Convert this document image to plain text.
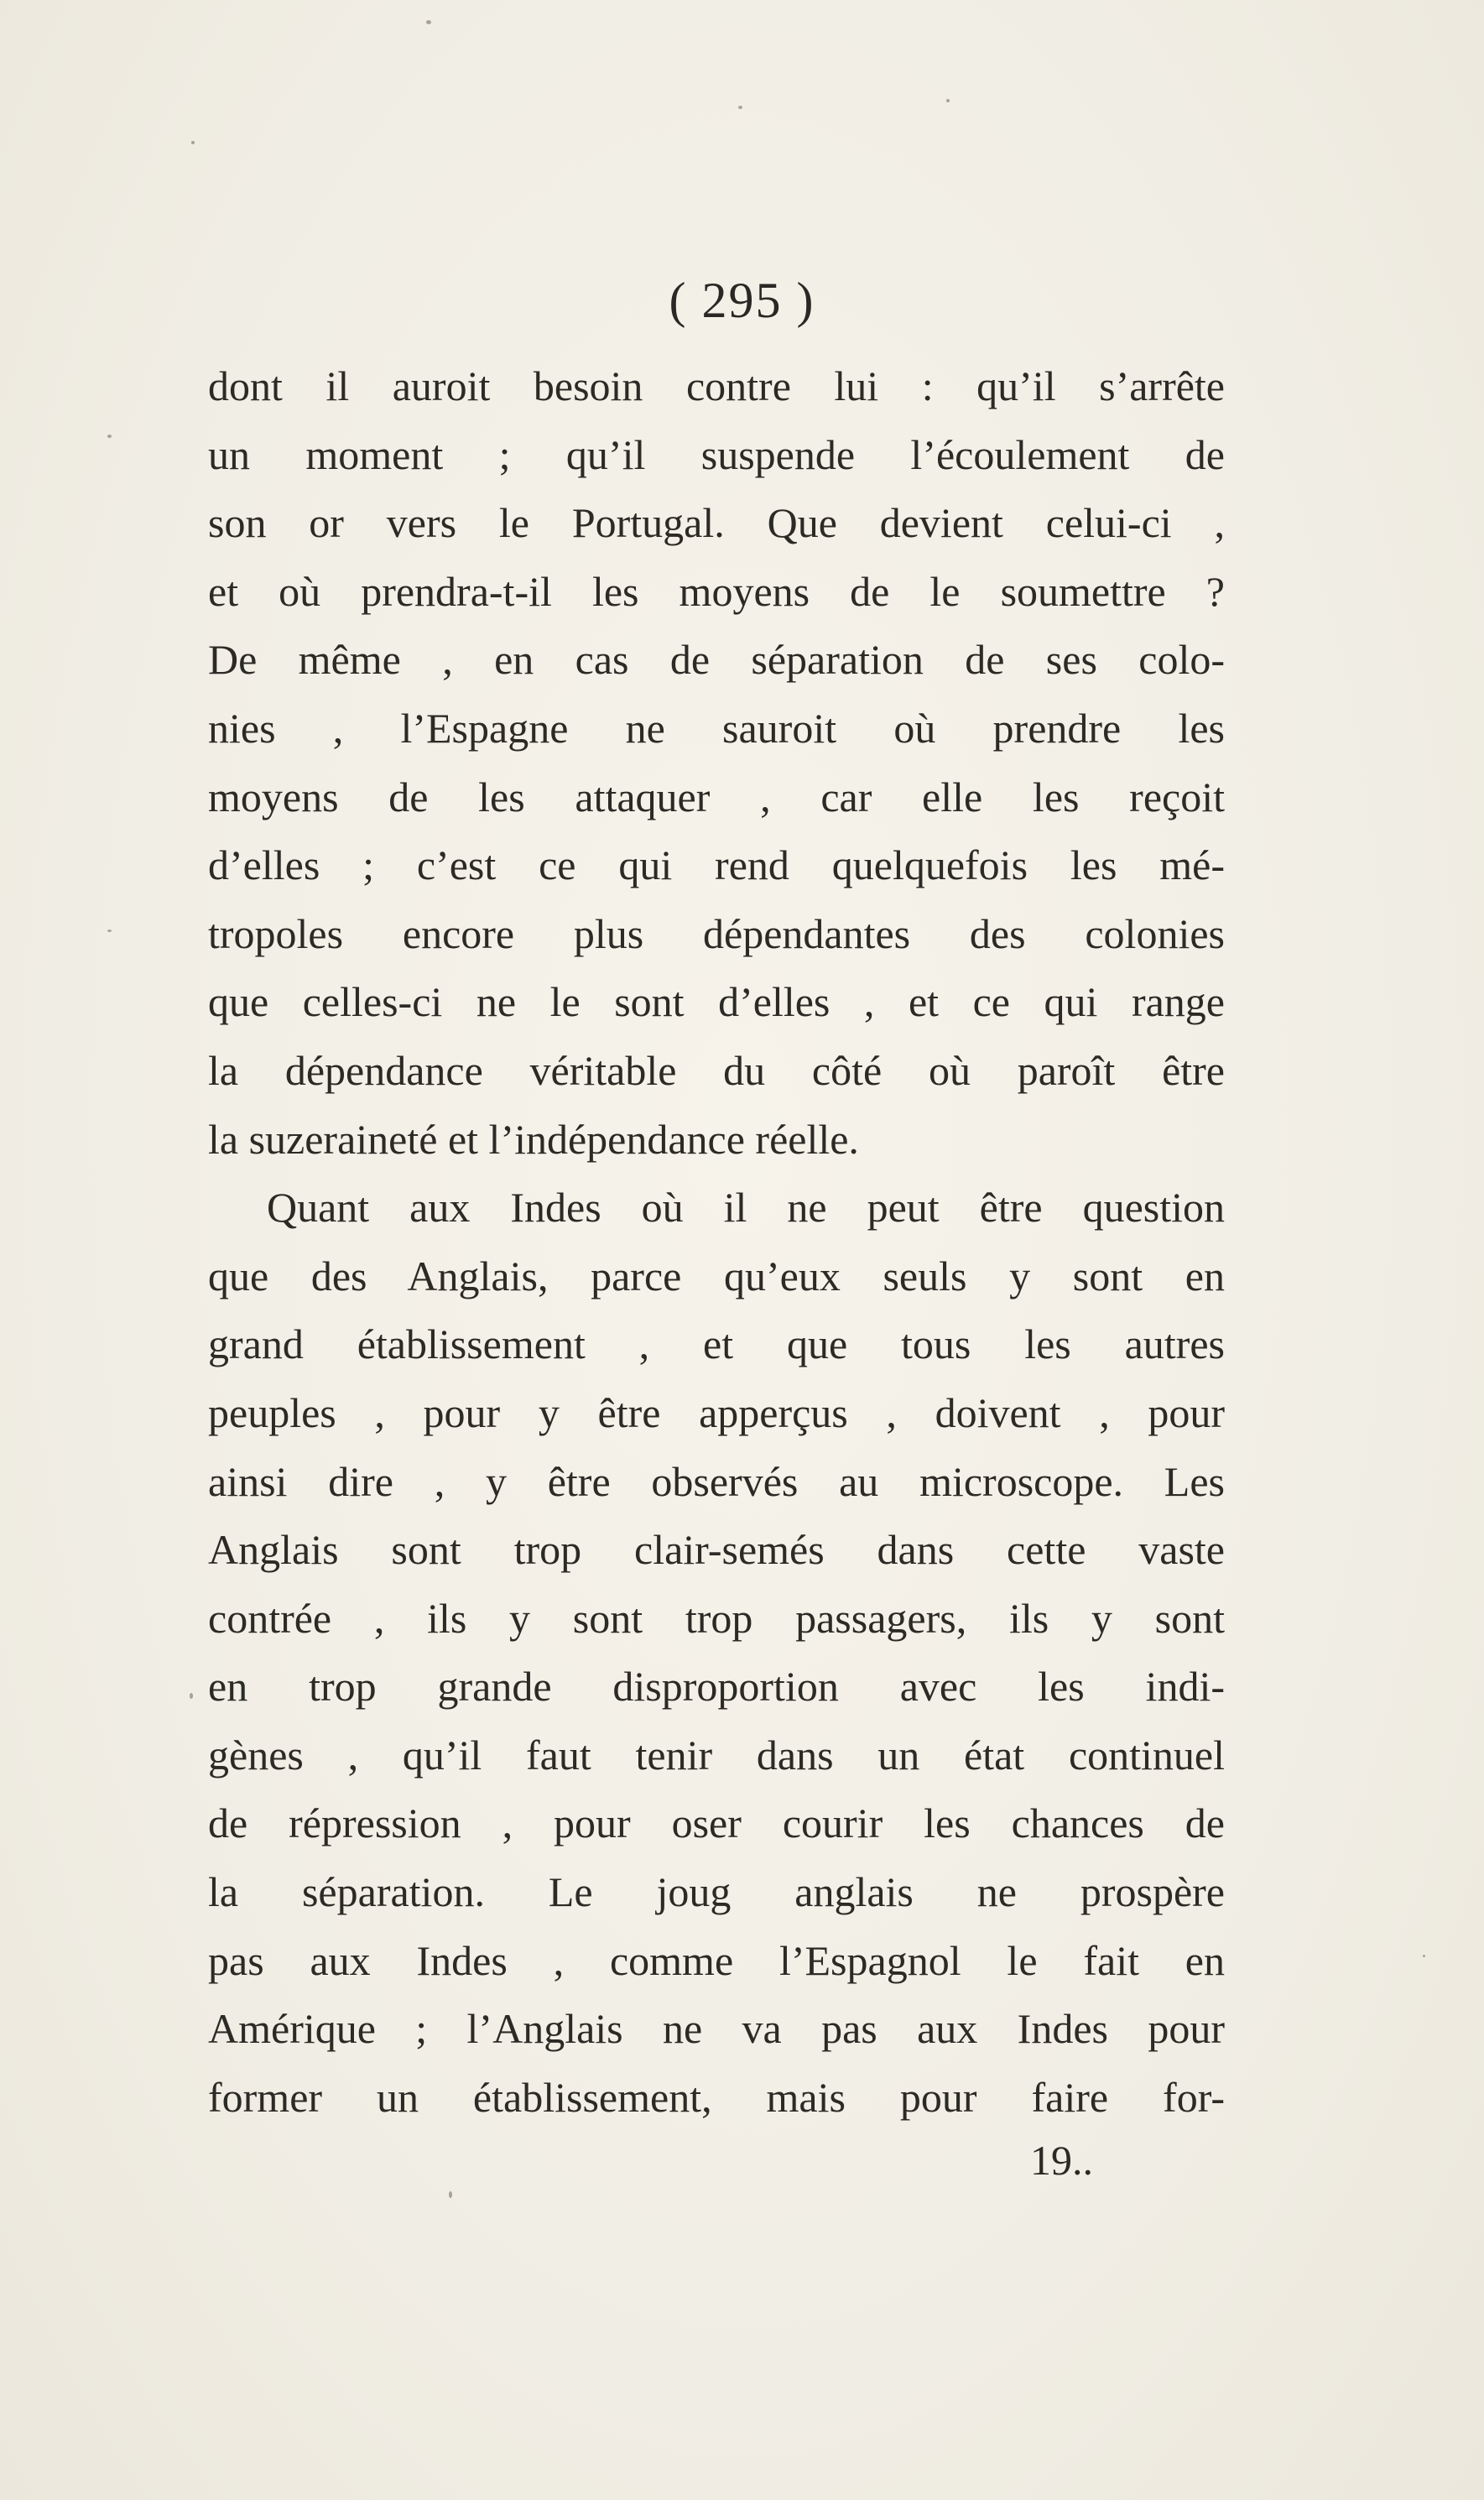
( 295 )
dont il auroit besoin contre lui : qu’il s’arrête
un moment ; qu’il suspende l’écoulement de
son or vers le Portugal. Que devient celui-ci ,
et où prendra-t-il les moyens de le soumettre ?
De même , en cas de séparation de ses colo-
nies , l’Espagne ne sauroit où prendre les
moyens de les attaquer , car elle les reçoit
d’elles ; c’est ce qui rend quelquefois les mé-
tropoles encore plus dépendantes des colonies
que celles-ci ne le sont d’elles , et ce qui range
la dépendance véritable du côté où paroît être
la suzeraineté et l’indépendance réelle.
Quant aux Indes où il ne peut être question
que des Anglais, parce qu’eux seuls y sont en
grand établissement , et que tous les autres
peuples , pour y être apperçus , doivent , pour
ainsi dire , y être observés au microscope. Les
Anglais sont trop clair-semés dans cette vaste
contrée , ils y sont trop passagers, ils y sont
en trop grande disproportion avec les indi-
gènes , qu’il faut tenir dans un état continuel
de répression , pour oser courir les chances de
la séparation. Le joug anglais ne prospère
pas aux Indes , comme l’Espagnol le fait en
Amérique ; l’Anglais ne va pas aux Indes pour
former un établissement, mais pour faire for-
19..
